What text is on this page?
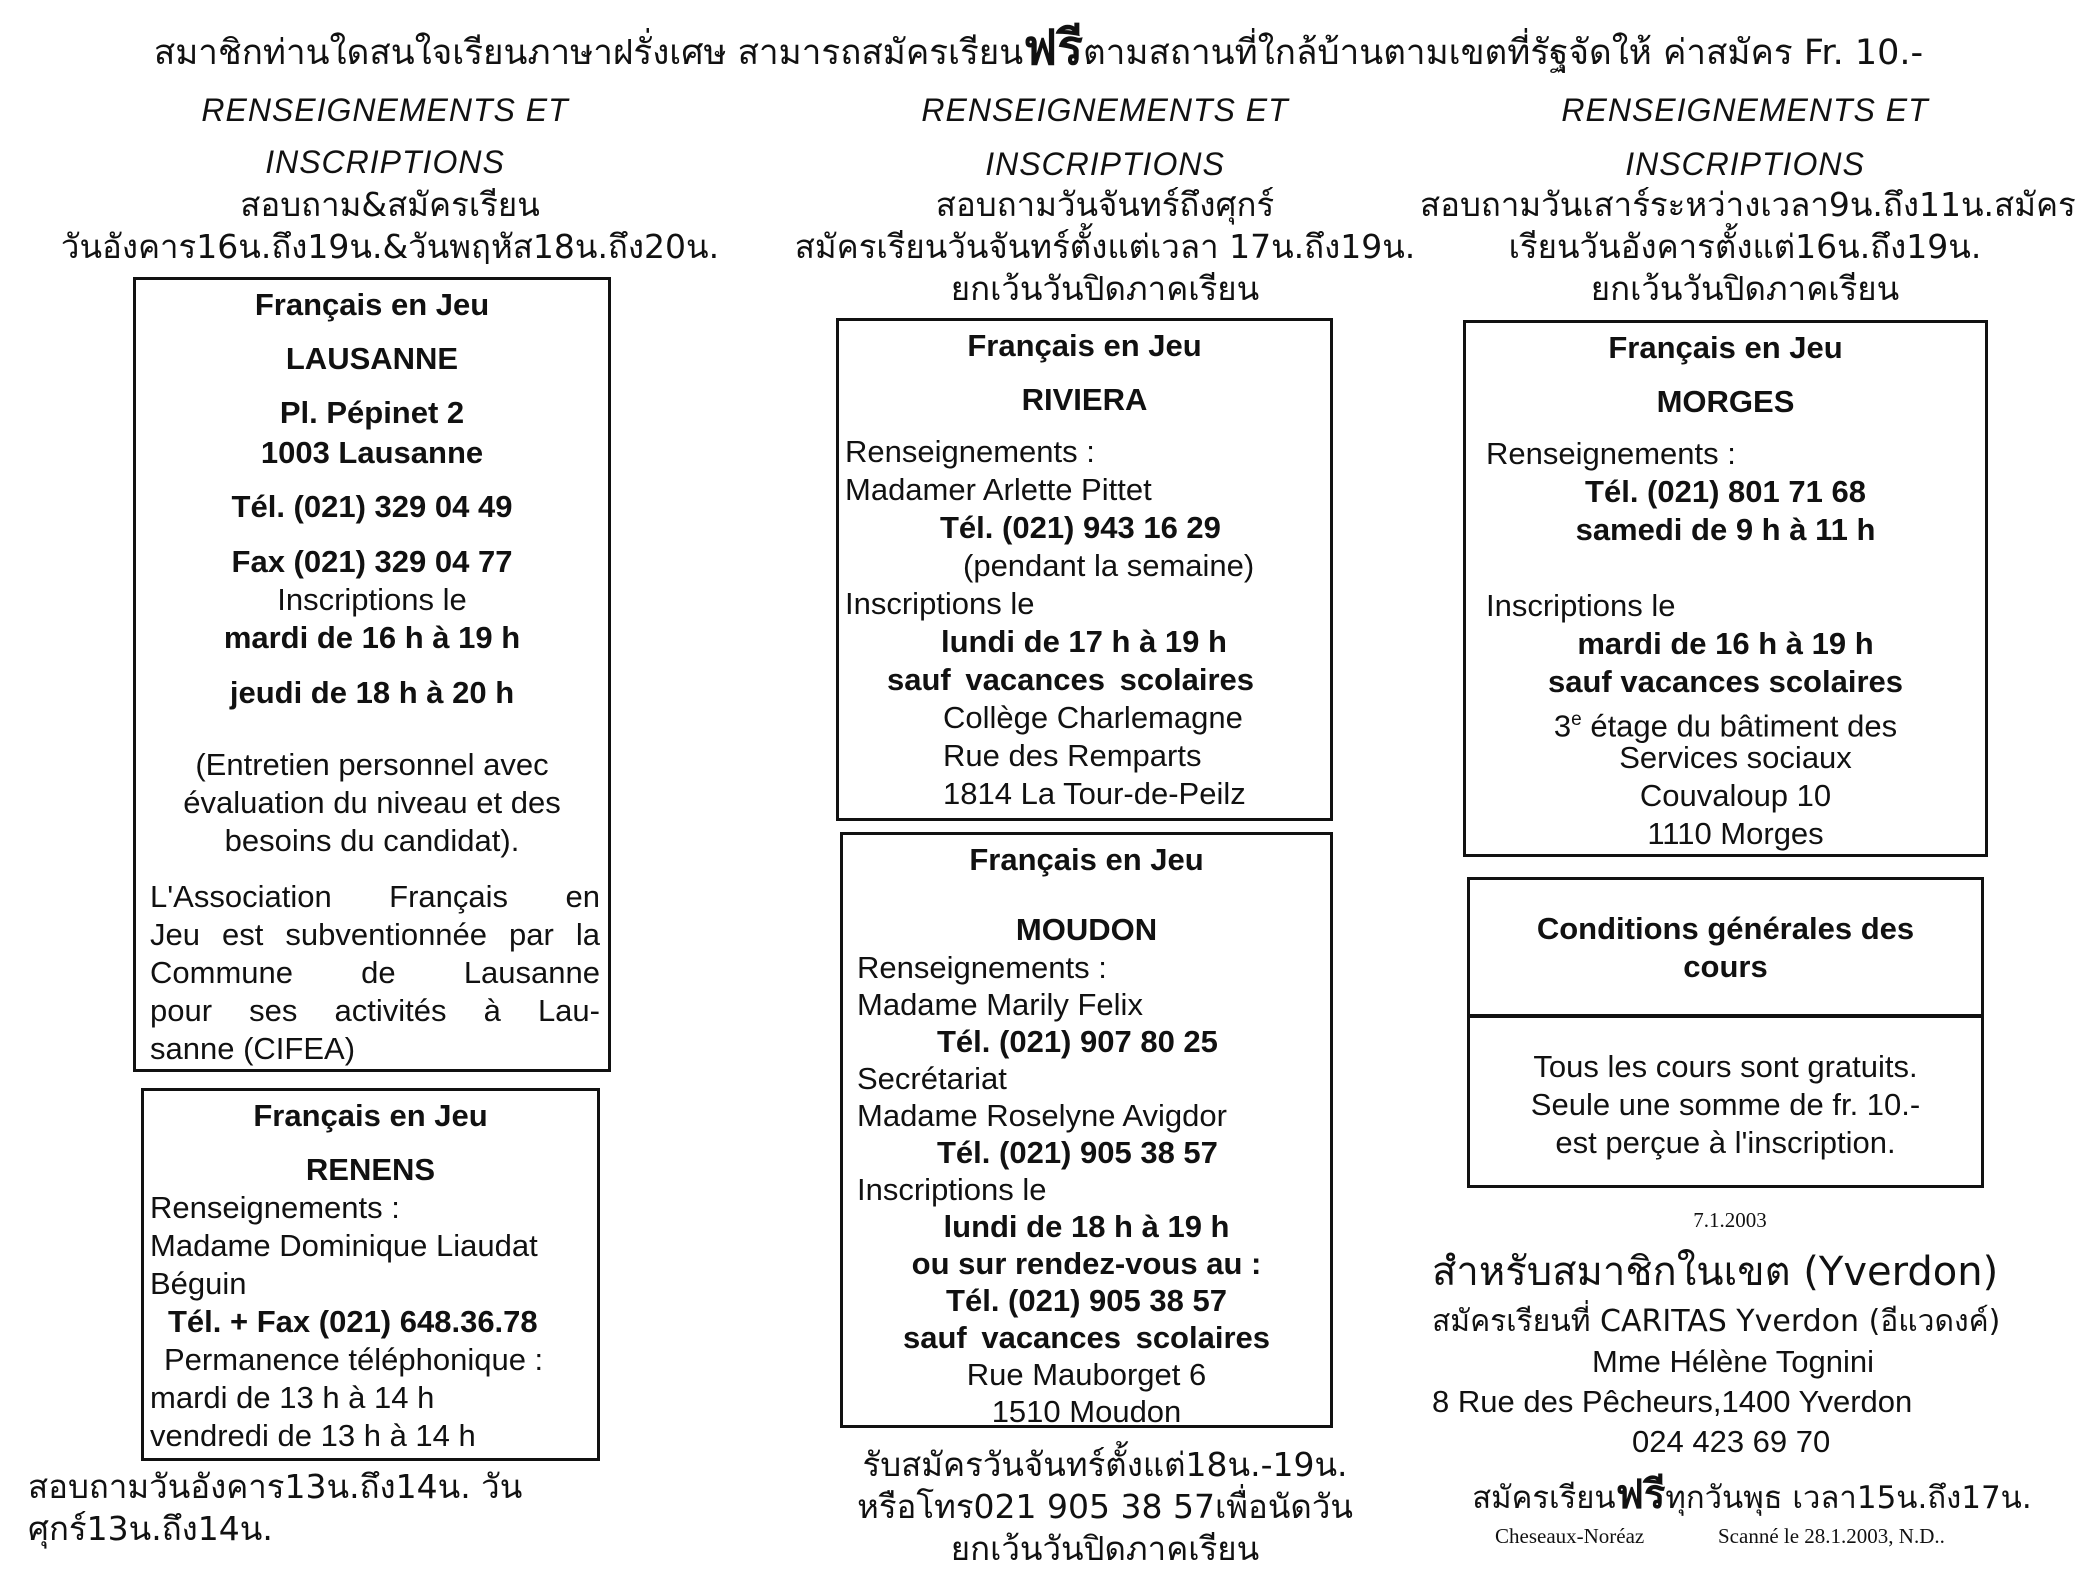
สมาชิกท่านใดสนใจเรียนภาษาฝรั่งเศษ สามารถสมัครเรียนฟรีตามสถานที่ใกล้บ้านตามเขตที่รัฐจัดให้ ค่าสมัคร Fr. 10.-
RENSEIGNEMENTS ET
INSCRIPTIONS
สอบถาม&สมัครเรียน
วันอังคาร16น.ถึง19น.&วันพฤหัส18น.ถึง20น.
Français en Jeu
LAUSANNE
Pl. Pépinet 2
1003 Lausanne
Tél. (021) 329 04 49
Fax (021) 329 04 77
Inscriptions le
mardi de 16 h à 19 h
jeudi de 18 h à 20 h
(Entretien personnel avec
évaluation du niveau et des
besoins du candidat).
L'Association Français en
Jeu est subventionnée par la
Commune de Lausanne
pour ses activités à Lau-
sanne (CIFEA)
Français en Jeu
RENENS
Renseignements :
Madame Dominique Liaudat
Béguin
Tél. + Fax (021) 648.36.78
Permanence téléphonique :
mardi de 13 h à 14 h
vendredi de 13 h à 14 h
สอบถามวันอังคาร13น.ถึง14น. วันศุกร์13น.ถึง14น.
RENSEIGNEMENTS ET
INSCRIPTIONS
สอบถามวันจันทร์ถึงศุกร์
สมัครเรียนวันจันทร์ตั้งแต่เวลา 17น.ถึง19น.
ยกเว้นวันปิดภาคเรียน
Français en Jeu
RIVIERA
Renseignements :
Madamer Arlette Pittet
Tél. (021) 943 16 29
(pendant la semaine)
Inscriptions le
lundi de 17 h à 19 h
sauf vacances scolaires
Collège Charlemagne
Rue des Remparts
1814 La Tour-de-Peilz
Français en Jeu
MOUDON
Renseignements :
Madame Marily Felix
Tél. (021) 907 80 25
Secrétariat
Madame Roselyne Avigdor
Tél. (021) 905 38 57
Inscriptions le
lundi de 18 h à 19 h
ou sur rendez-vous au :
Tél. (021) 905 38 57
sauf vacances scolaires
Rue Mauborget 6
1510 Moudon
รับสมัครวันจันทร์ตั้งแต่18น.-19น.
หรือโทร021 905 38 57เพื่อนัดวัน
ยกเว้นวันปิดภาคเรียน
RENSEIGNEMENTS ET
INSCRIPTIONS
สอบถามวันเสาร์ระหว่างเวลา9น.ถึง11น.สมัคร
เรียนวันอังคารตั้งแต่16น.ถึง19น.
ยกเว้นวันปิดภาคเรียน
Français en Jeu
MORGES
Renseignements :
Tél. (021) 801 71 68
samedi de 9 h à 11 h
Inscriptions le
mardi de 16 h à 19 h
sauf vacances scolaires
3e étage du bâtiment des
Services sociaux
Couvaloup 10
1110 Morges
Conditions générales des
cours
Tous les cours sont gratuits.
Seule une somme de fr. 10.-
est perçue à l'inscription.
7.1.2003
สำหรับสมาชิกในเขต (Yverdon)
สมัครเรียนที่ CARITAS Yverdon (อีแวดงค์)
Mme Hélène Tognini
8 Rue des Pêcheurs,1400 Yverdon
024 423 69 70
สมัครเรียนฟรีทุกวันพุธ เวลา15น.ถึง17น.
Cheseaux-Noréaz	Scanné le 28.1.2003, N.D..
